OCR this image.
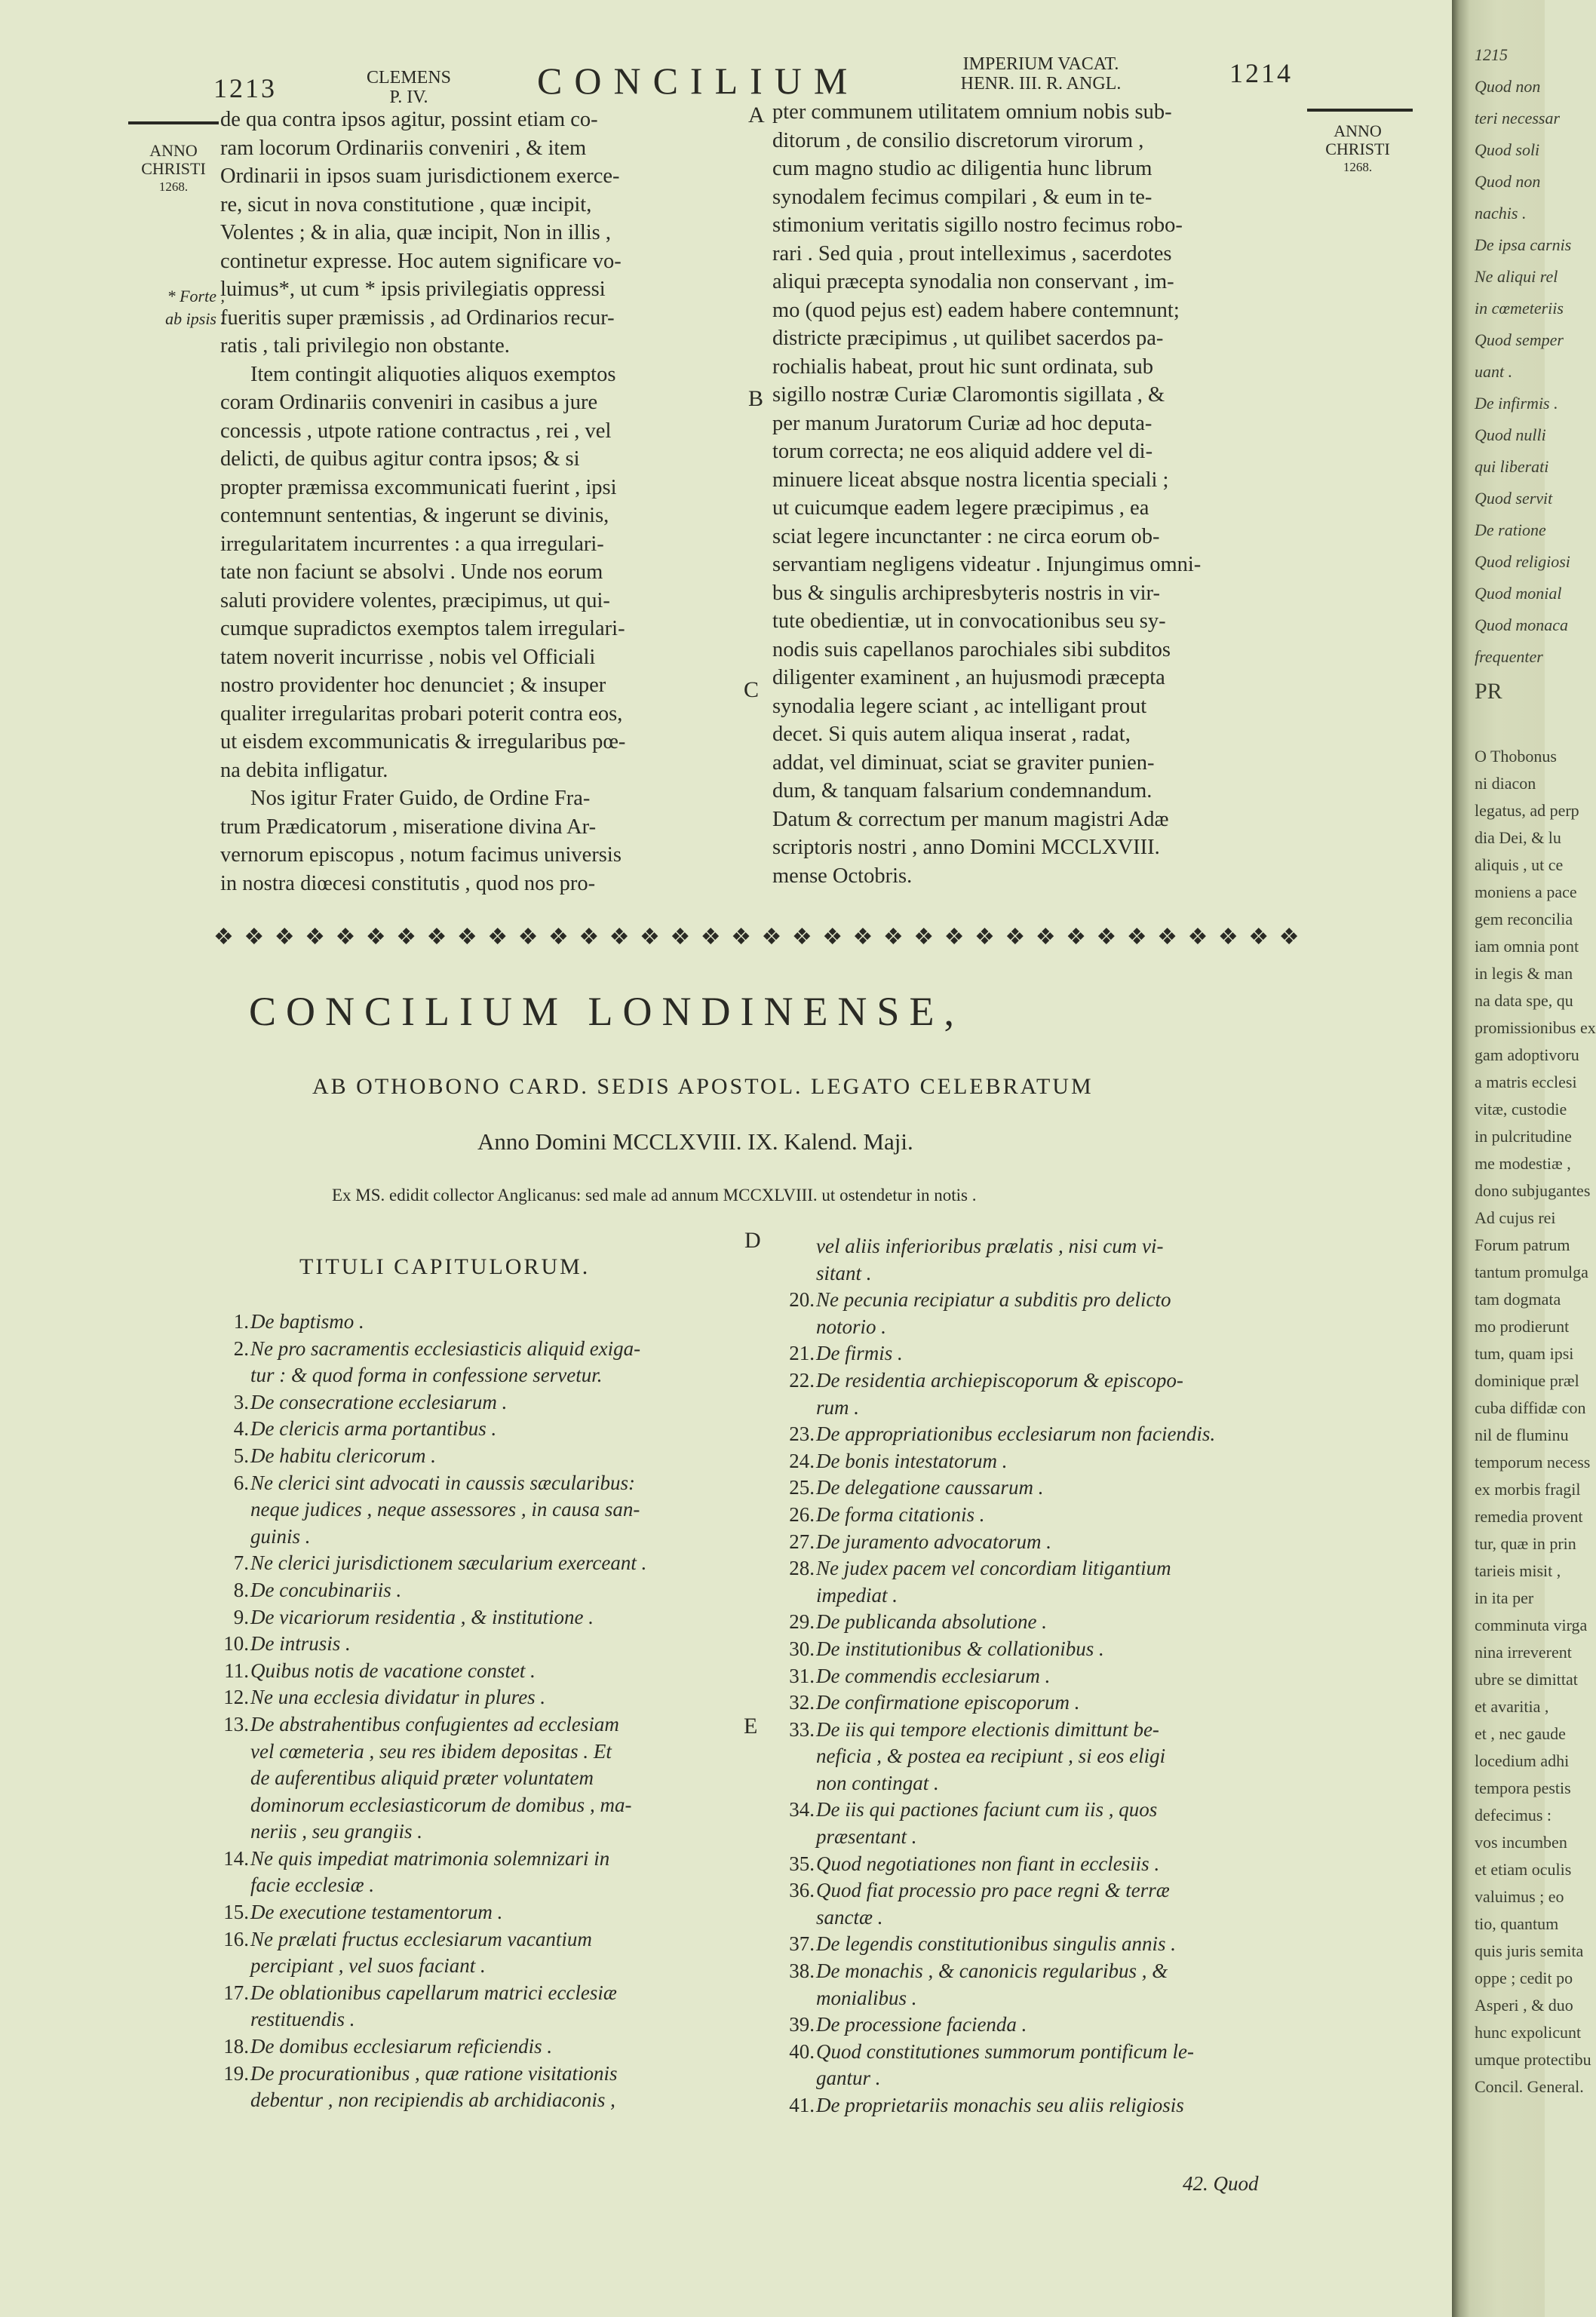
1213	CLEMENS
P. IV.	CONCILIUM	IMPERIUM VACAT.
HENR. III. R. ANGL.	1214
ANNO
CHRISTI
1268.
* Forte ,
ab ipsis .
ANNO
CHRISTI
1268.
A
B
C
D
E
de qua contra ipsos agitur, possint etiam co-
ram locorum Ordinariis conveniri , & item
Ordinarii in ipsos suam jurisdictionem exerce-
re, sicut in nova constitutione , quæ incipit,
Volentes ; & in alia, quæ incipit, Non in illis ,
continetur expresse. Hoc autem significare vo-
luimus*, ut cum * ipsis privilegiatis oppressi
fueritis super præmissis , ad Ordinarios recur-
ratis , tali privilegio non obstante.
Item contingit aliquoties aliquos exemptos
coram Ordinariis conveniri in casibus a jure
concessis , utpote ratione contractus , rei , vel
delicti, de quibus agitur contra ipsos; & si
propter præmissa excommunicati fuerint , ipsi
contemnunt sententias, & ingerunt se divinis,
irregularitatem incurrentes : a qua irregulari-
tate non faciunt se absolvi . Unde nos eorum
saluti providere volentes, præcipimus, ut qui-
cumque supradictos exemptos talem irregulari-
tatem noverit incurrisse , nobis vel Officiali
nostro providenter hoc denunciet ; & insuper
qualiter irregularitas probari poterit contra eos,
ut eisdem excommunicatis & irregularibus pœ-
na debita infligatur.
Nos igitur Frater Guido, de Ordine Fra-
trum Prædicatorum , miseratione divina Ar-
vernorum episcopus , notum facimus universis
in nostra diœcesi constitutis , quod nos pro-
pter communem utilitatem omnium nobis sub-
ditorum , de consilio discretorum virorum ,
cum magno studio ac diligentia hunc librum
synodalem fecimus compilari , & eum in te-
stimonium veritatis sigillo nostro fecimus robo-
rari . Sed quia , prout intelleximus , sacerdotes
aliqui præcepta synodalia non conservant , im-
mo (quod pejus est) eadem habere contemnunt;
districte præcipimus , ut quilibet sacerdos pa-
rochialis habeat, prout hic sunt ordinata, sub
sigillo nostræ Curiæ Claromontis sigillata , &
per manum Juratorum Curiæ ad hoc deputa-
torum correcta; ne eos aliquid addere vel di-
minuere liceat absque nostra licentia speciali ;
ut cuicumque eadem legere præcipimus , ea
sciat legere incunctanter : ne circa eorum ob-
servantiam negligens videatur . Injungimus omni-
bus & singulis archipresbyteris nostris in vir-
tute obedientiæ, ut in convocationibus seu sy-
nodis suis capellanos parochiales sibi subditos
diligenter examinent , an hujusmodi præcepta
synodalia legere sciant , ac intelligant prout
decet. Si quis autem aliqua inserat , radat,
addat, vel diminuat, sciat se graviter punien-
dum, & tanquam falsarium condemnandum.
Datum & correctum per manum magistri Adæ
scriptoris nostri , anno Domini MCCLXVIII.
mense Octobris.
❖ ❖ ❖ ❖ ❖ ❖ ❖ ❖ ❖ ❖ ❖ ❖ ❖ ❖ ❖ ❖ ❖ ❖ ❖ ❖ ❖ ❖ ❖ ❖ ❖ ❖ ❖ ❖ ❖ ❖ ❖ ❖ ❖ ❖ ❖ ❖
CONCILIUM LONDINENSE,
AB OTHOBONO CARD. SEDIS APOSTOL. LEGATO CELEBRATUM
Anno Domini MCCLXVIII. IX. Kalend. Maji.
Ex MS. edidit collector Anglicanus: sed male ad annum MCCXLVIII. ut ostendetur in notis .
TITULI CAPITULORUM.
1. De baptismo .
2. Ne pro sacramentis ecclesiasticis aliquid exiga-
tur : & quod forma in confessione servetur.
3. De consecratione ecclesiarum .
4. De clericis arma portantibus .
5. De habitu clericorum .
6. Ne clerici sint advocati in caussis sæcularibus:
neque judices , neque assessores , in causa san-
guinis .
7. Ne clerici jurisdictionem sæcularium exerceant .
8. De concubinariis .
9. De vicariorum residentia , & institutione .
10. De intrusis .
11. Quibus notis de vacatione constet .
12. Ne una ecclesia dividatur in plures .
13. De abstrahentibus confugientes ad ecclesiam
vel cœmeteria , seu res ibidem depositas . Et
de auferentibus aliquid præter voluntatem
dominorum ecclesiasticorum de domibus , ma-
neriis , seu grangiis .
14. Ne quis impediat matrimonia solemnizari in
facie ecclesiæ .
15. De executione testamentorum .
16. Ne prælati fructus ecclesiarum vacantium
percipiant , vel suos faciant .
17. De oblationibus capellarum matrici ecclesiæ
restituendis .
18. De domibus ecclesiarum reficiendis .
19. De procurationibus , quæ ratione visitationis
debentur , non recipiendis ab archidiaconis ,
vel aliis inferioribus prælatis , nisi cum vi-
sitant .
20. Ne pecunia recipiatur a subditis pro delicto
notorio .
21. De firmis .
22. De residentia archiepiscoporum & episcopo-
rum .
23. De appropriationibus ecclesiarum non faciendis.
24. De bonis intestatorum .
25. De delegatione caussarum .
26. De forma citationis .
27. De juramento advocatorum .
28. Ne judex pacem vel concordiam litigantium
impediat .
29. De publicanda absolutione .
30. De institutionibus & collationibus .
31. De commendis ecclesiarum .
32. De confirmatione episcoporum .
33. De iis qui tempore electionis dimittunt be-
neficia , & postea ea recipiunt , si eos eligi
non contingat .
34. De iis qui pactiones faciunt cum iis , quos
præsentant .
35. Quod negotiationes non fiant in ecclesiis .
36. Quod fiat processio pro pace regni & terræ
sanctæ .
37. De legendis constitutionibus singulis annis .
38. De monachis , & canonicis regularibus , &
monialibus .
39. De processione facienda .
40. Quod constitutiones summorum pontificum le-
gantur .
41. De proprietariis monachis seu aliis religiosis
42. Quod
1215
Quod non
teri necessar
Quod soli
Quod non
nachis .
De ipsa carnis
Ne aliqui rel
in cœmeteriis
Quod semper
uant .
De infirmis .
Quod nulli
qui liberati
Quod servit
De ratione
Quod religiosi
Quod monial
Quod monaca
frequenter
PR
O Thobonus
ni diacon
legatus, ad perp
dia Dei, & lu
aliquis , ut ce
moniens a pace
gem reconcilia
iam omnia pont
in legis & man
na data spe, qu
promissionibus ex
gam adoptivoru
a matris ecclesi
vitæ, custodie
in pulcritudine
me modestiæ ,
dono subjugantes
Ad cujus rei
Forum patrum
tantum promulga
tam dogmata
mo prodierunt
tum, quam ipsi
dominique præl
cuba diffidæ con
nil de fluminu
temporum necess
ex morbis fragil
remedia provent
tur, quæ in prin
tarieis misit ,
in ita per
comminuta virga
nina irreverent
ubre se dimittat
et avaritia ,
et , nec gaude
locedium adhi
tempora pestis
defecimus :
vos incumben
et etiam oculis
valuimus ; eo
tio, quantum
quis juris semita
oppe ; cedit po
Asperi , & duo
hunc expolicunt
umque protectibu
Concil. General.
